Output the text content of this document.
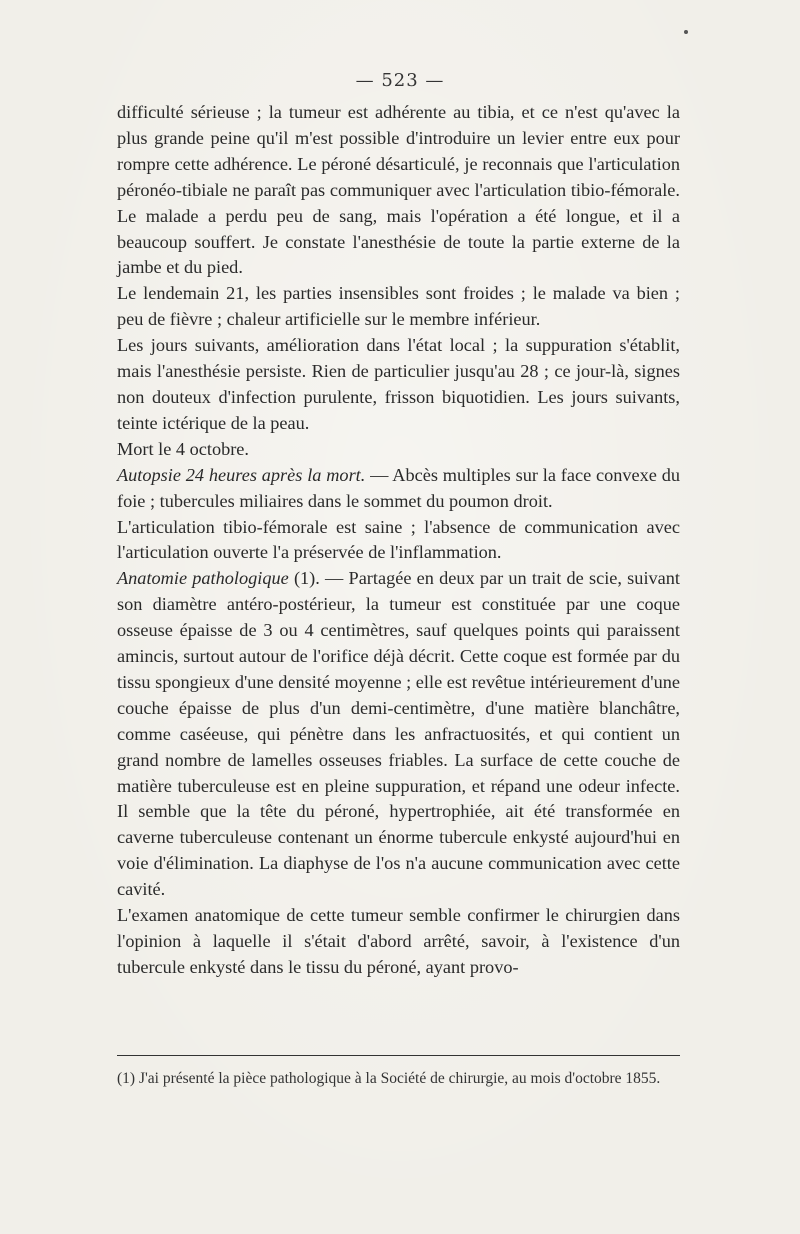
— 523 —

difficulté sérieuse ; la tumeur est adhérente au tibia, et ce n'est qu'avec la plus grande peine qu'il m'est possible d'introduire un levier entre eux pour rompre cette adhérence. Le péroné désarticulé, je reconnais que l'articulation péronéo-tibiale ne paraît pas communiquer avec l'articulation tibio-fémorale. Le malade a perdu peu de sang, mais l'opération a été longue, et il a beaucoup souffert. Je constate l'anesthésie de toute la partie externe de la jambe et du pied.

Le lendemain 21, les parties insensibles sont froides ; le malade va bien ; peu de fièvre ; chaleur artificielle sur le membre inférieur.

Les jours suivants, amélioration dans l'état local ; la suppuration s'établit, mais l'anesthésie persiste. Rien de particulier jusqu'au 28 ; ce jour-là, signes non douteux d'infection purulente, frisson biquotidien. Les jours suivants, teinte ictérique de la peau.

Mort le 4 octobre.

Autopsie 24 heures après la mort. — Abcès multiples sur la face convexe du foie ; tubercules miliaires dans le sommet du poumon droit.

L'articulation tibio-fémorale est saine ; l'absence de communication avec l'articulation ouverte l'a préservée de l'inflammation.

Anatomie pathologique (1). — Partagée en deux par un trait de scie, suivant son diamètre antéro-postérieur, la tumeur est constituée par une coque osseuse épaisse de 3 ou 4 centimètres, sauf quelques points qui paraissent amincis, surtout autour de l'orifice déjà décrit. Cette coque est formée par du tissu spongieux d'une densité moyenne ; elle est revêtue intérieurement d'une couche épaisse de plus d'un demi-centimètre, d'une matière blanchâtre, comme caséeuse, qui pénètre dans les anfractuosités, et qui contient un grand nombre de lamelles osseuses friables. La surface de cette couche de matière tuberculeuse est en pleine suppuration, et répand une odeur infecte. Il semble que la tête du péroné, hypertrophiée, ait été transformée en caverne tuberculeuse contenant un énorme tubercule enkysté aujourd'hui en voie d'élimination. La diaphyse de l'os n'a aucune communication avec cette cavité.

L'examen anatomique de cette tumeur semble confirmer le chirurgien dans l'opinion à laquelle il s'était d'abord arrêté, savoir, à l'existence d'un tubercule enkysté dans le tissu du péroné, ayant provo-

(1) J'ai présenté la pièce pathologique à la Société de chirurgie, au mois d'octobre 1855.
